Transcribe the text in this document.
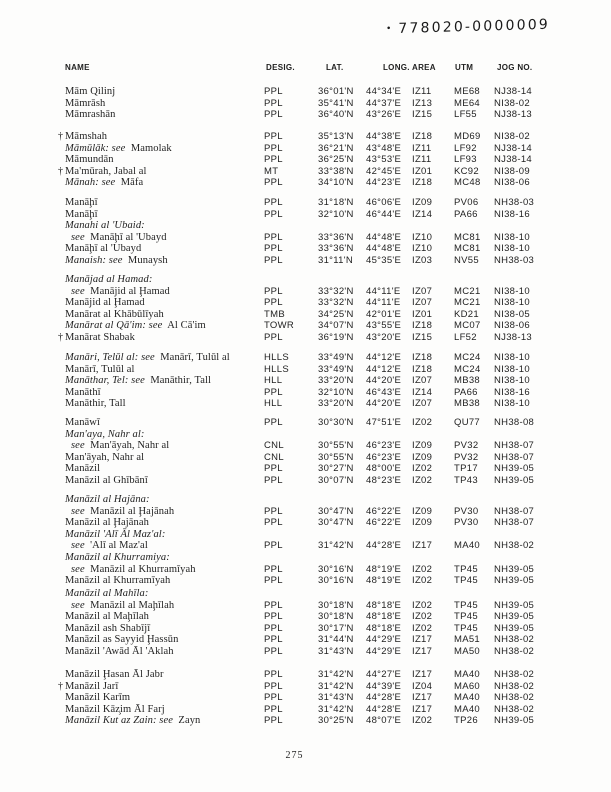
• 778020-0000009
NAME	DESIG.	LAT.	LONG. AREA UTM	JOG NO.
Mām Qilinj	PPL	36°01'N 44°34'E IZ11 ME68 NJ38-14
Māmrāsh	PPL	35°41'N 44°37'E IZ13 ME64 NI38-02
Māmrashān	PPL	36°40'N 43°26'E IZ15 LF55 NJ38-13
† Māmshah	PPL	35°13'N 44°38'E IZ18 MD69 NI38-02
Māmūlāk: see  Mamolak	PPL	36°21'N 43°48'E IZ11 LF92 NJ38-14
Māmundān	PPL	36°25'N 43°53'E IZ11 LF93 NJ38-14
† Ma'mūrah, Jabal al	MT	33°38'N 42°45'E IZ01 KC92 NI38-09
Mānah: see  Māfa	PPL	34°10'N 44°23'E IZ18 MC48 NI38-06
Manāḩī	PPL	31°18'N 46°06'E IZ09 PV06 NH38-03
Manāḩī	PPL	32°10'N 46°44'E IZ14 PA66 NI38-16
Manahi al 'Ubaid:
see  Manāḩī al 'Ubayd	PPL	33°36'N 44°48'E IZ10 MC81 NI38-10
Manāḩī al 'Ubayd	PPL	33°36'N 44°48'E IZ10 MC81 NI38-10
Manaish: see  Munaysh	PPL	31°11'N 45°35'E IZ03 NV55 NH38-03
Manājad al Hamad:
see  Manājid al Ḩamad	PPL	33°32'N 44°11'E IZ07 MC21 NI38-10
Manājid al Ḩamad	PPL	33°32'N 44°11'E IZ07 MC21 NI38-10
Manārat al Khābūlīyah	TMB	34°25'N 42°01'E IZ01 KD21 NI38-05
Manārat al Qā'im: see  Al Cā'im	TOWR	34°07'N 43°55'E IZ18 MC07 NI38-06
† Manārat Shabak	PPL	36°19'N 43°20'E IZ15 LF52 NJ38-13
Manāri, Telūl al: see  Manārī, Tulūl al	HLLS	33°49'N 44°12'E IZ18 MC24 NI38-10
Manārī, Tulūl al	HLLS	33°49'N 44°12'E IZ18 MC24 NI38-10
Manāthar, Tel: see  Manāthir, Tall	HLL	33°20'N 44°20'E IZ07 MB38 NI38-10
Manāthī	PPL	32°10'N 46°43'E IZ14 PA66 NI38-16
Manāthir, Tall	HLL	33°20'N 44°20'E IZ07 MB38 NI38-10
Manāwī	PPL	30°30'N 47°51'E IZ02 QU77 NH38-08
Man'aya, Nahr al:
see  Man'āyah, Nahr al	CNL	30°55'N 46°23'E IZ09 PV32 NH38-07
Man'āyah, Nahr al	CNL	30°55'N 46°23'E IZ09 PV32 NH38-07
Manāzil	PPL	30°27'N 48°00'E IZ02 TP17 NH39-05
Manāzil al Ghībānī	PPL	30°07'N 48°23'E IZ02 TP43 NH39-05
Manāzil al Hajāna:
see  Manāzil al Ḩajānah	PPL	30°47'N 46°22'E IZ09 PV30 NH38-07
Manāzil al Ḩajānah	PPL	30°47'N 46°22'E IZ09 PV30 NH38-07
Manāzil 'Alī Āl Maz'al:
see  'Alī al Maz'al	PPL	31°42'N 44°28'E IZ17 MA40 NH38-02
Manāzil al Khurramiya:
see  Manāzil al Khurramīyah	PPL	30°16'N 48°19'E IZ02 TP45 NH39-05
Manāzil al Khurramīyah	PPL	30°16'N 48°19'E IZ02 TP45 NH39-05
Manāzil al Mahīla:
see  Manāzil al Maḩīlah	PPL	30°18'N 48°18'E IZ02 TP45 NH39-05
Manāzil al Maḩīlah	PPL	30°18'N 48°18'E IZ02 TP45 NH39-05
Manāzil ash Shabījī	PPL	30°17'N 48°18'E IZ02 TP45 NH39-05
Manāzil as Sayyid Ḩassūn	PPL	31°44'N 44°29'E IZ17 MA51 NH38-02
Manāzil 'Awād Āl 'Aklah	PPL	31°43'N 44°29'E IZ17 MA50 NH38-02
Manāzil Ḩasan Āl Jabr	PPL	31°42'N 44°27'E IZ17 MA40 NH38-02
† Manāzil Jarī	PPL	31°42'N 44°39'E IZ04 MA60 NH38-02
Manāzil Karīm	PPL	31°43'N 44°28'E IZ17 MA40 NH38-02
Manāzil Kāz̧im Āl Farj	PPL	31°42'N 44°28'E IZ17 MA40 NH38-02
Manāzil Kut az Zain: see  Zayn	PPL	30°25'N 48°07'E IZ02 TP26 NH39-05
275
